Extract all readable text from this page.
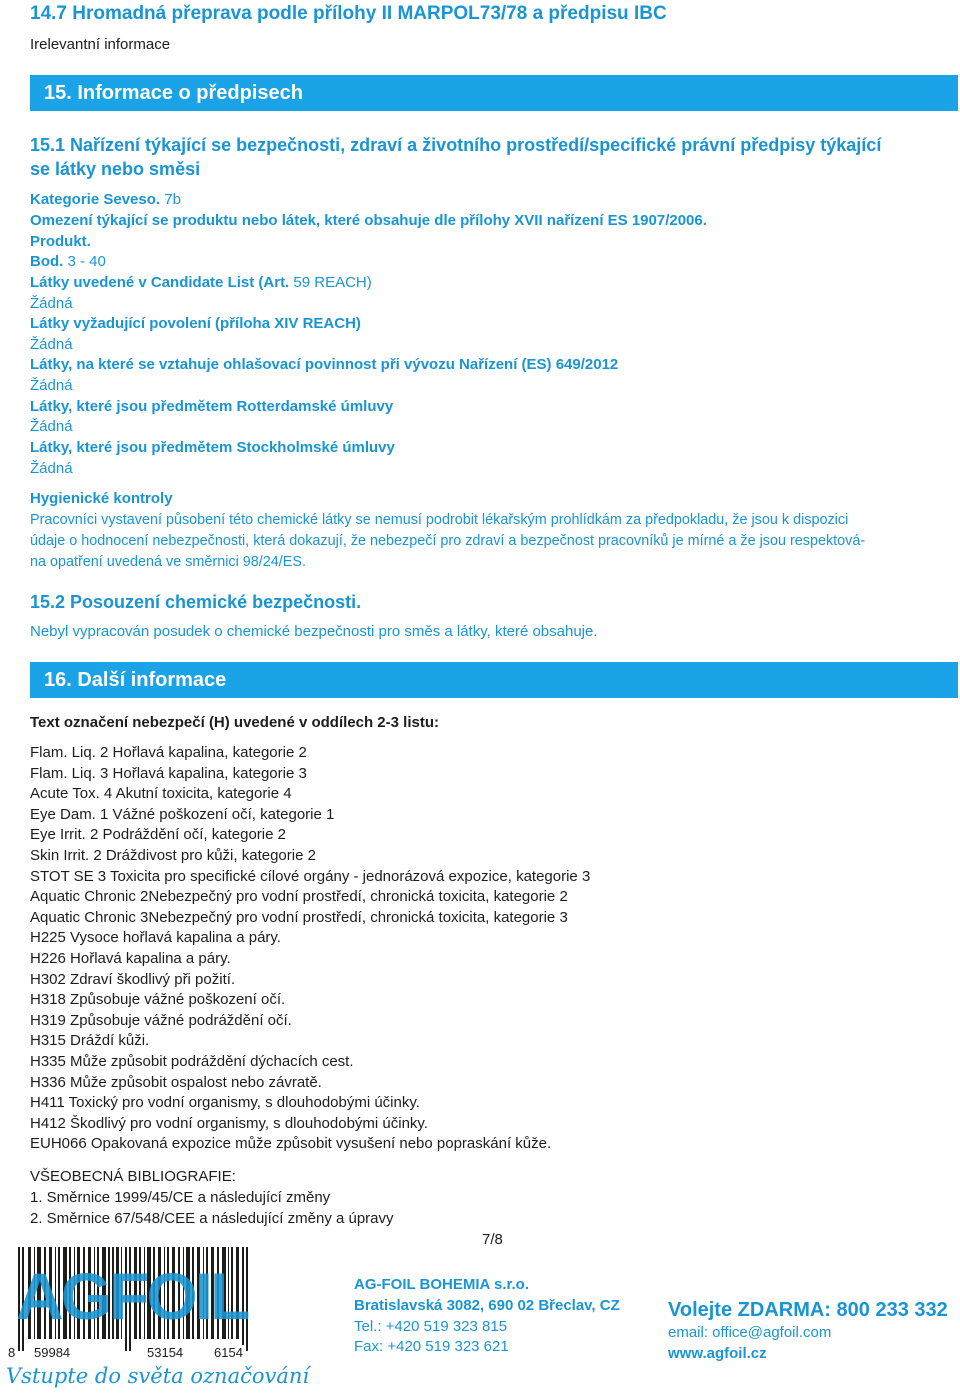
14.7 Hromadná přeprava podle přílohy II MARPOL73/78 a předpisu IBC
Irelevantní informace
15. Informace o předpisech
15.1 Nařízení týkající se bezpečnosti, zdraví a životního prostředí/specifické právní předpisy týkající
se látky nebo směsi
Kategorie Seveso. 7b
Omezení týkající se produktu nebo látek, které obsahuje dle přílohy XVII nařízení ES 1907/2006.
Produkt.
Bod. 3 - 40
Látky uvedené v Candidate List (Art. 59 REACH)
Žádná
Látky vyžadující povolení (příloha XIV REACH)
Žádná
Látky, na které se vztahuje ohlašovací povinnost při vývozu Nařízení (ES) 649/2012
Žádná
Látky, které jsou předmětem Rotterdamské úmluvy
Žádná
Látky, které jsou předmětem Stockholmské úmluvy
Žádná
Hygienické kontroly
Pracovníci vystavení působení této chemické látky se nemusí podrobit lékařským prohlídkám za předpokladu, že jsou k dispozici
údaje o hodnocení nebezpečnosti, která dokazují, že nebezpečí pro zdraví a bezpečnost pracovníků je mírné a že jsou respektová-
na opatření uvedená ve směrnici 98/24/ES.
15.2 Posouzení chemické bezpečnosti.
Nebyl vypracován posudek o chemické bezpečnosti pro směs a látky, které obsahuje.
16. Další informace
Text označení nebezpečí (H) uvedené v oddílech 2-3 listu:
Flam. Liq. 2 Hořlavá kapalina, kategorie 2
Flam. Liq. 3 Hořlavá kapalina, kategorie 3
Acute Tox. 4 Akutní toxicita, kategorie 4
Eye Dam. 1 Vážné poškození očí, kategorie 1
Eye Irrit. 2 Podráždění očí, kategorie 2
Skin Irrit. 2 Dráždivost pro kůži, kategorie 2
STOT SE 3 Toxicita pro specifické cílové orgány - jednorázová expozice, kategorie 3
Aquatic Chronic 2Nebezpečný pro vodní prostředí, chronická toxicita, kategorie 2
Aquatic Chronic 3Nebezpečný pro vodní prostředí, chronická toxicita, kategorie 3
H225 Vysoce hořlavá kapalina a páry.
H226 Hořlavá kapalina a páry.
H302 Zdraví škodlivý při požití.
H318 Způsobuje vážné poškození očí.
H319 Způsobuje vážné podráždění očí.
H315 Dráždí kůži.
H335 Může způsobit podráždění dýchacích cest.
H336 Může způsobit ospalost nebo závratě.
H411 Toxický pro vodní organismy, s dlouhodobými účinky.
H412 Škodlivý pro vodní organismy, s dlouhodobými účinky.
EUH066 Opakovaná expozice může způsobit vysušení nebo popraskání kůže.
VŠEOBECNÁ BIBLIOGRAFIE:
1. Směrnice 1999/45/CE a následující změny
2. Směrnice 67/548/CEE a následující změny a úpravy
7/8
AGFOIL
8 59984	53154 6154
Vstupte do světa označování
AG-FOIL BOHEMIA s.r.o.
Bratislavská 3082, 690 02 Břeclav, CZ
Tel.: +420 519 323 815
Fax: +420 519 323 621
Volejte ZDARMA: 800 233 332
email: office@agfoil.com
www.agfoil.cz
